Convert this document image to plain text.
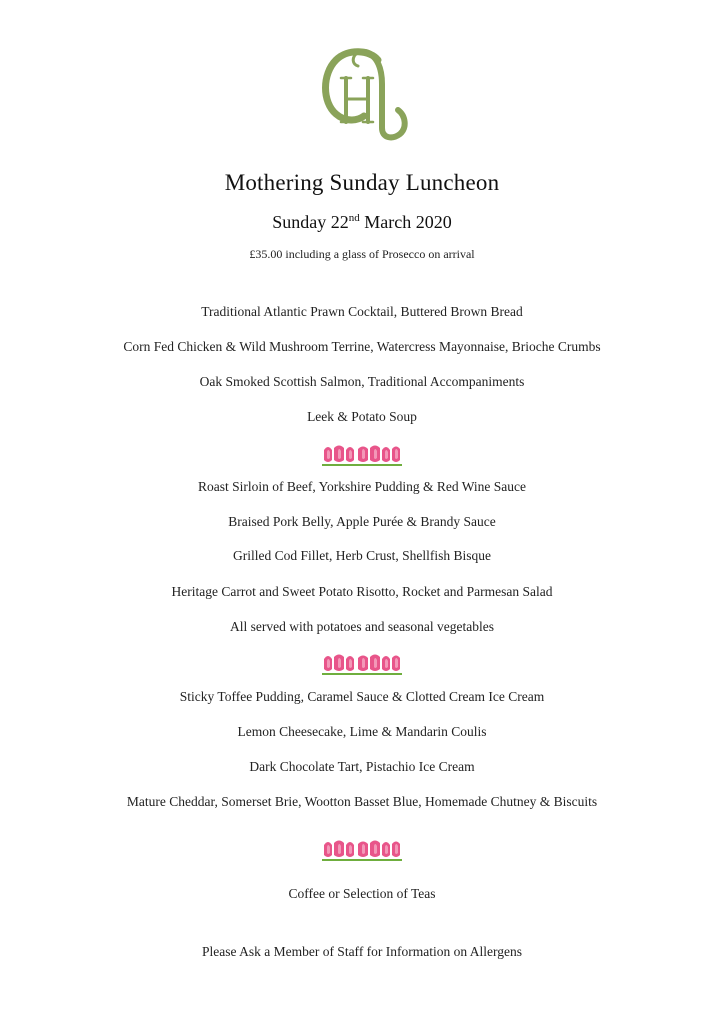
Mothering Sunday Luncheon
Sunday 22nd March 2020
£35.00 including a glass of Prosecco on arrival
Traditional Atlantic Prawn Cocktail, Buttered Brown Bread
Corn Fed Chicken & Wild Mushroom Terrine, Watercress Mayonnaise, Brioche Crumbs
Oak Smoked Scottish Salmon, Traditional Accompaniments
Leek & Potato Soup
Roast Sirloin of Beef, Yorkshire Pudding & Red Wine Sauce
Braised Pork Belly, Apple Purée & Brandy Sauce
Grilled Cod Fillet, Herb Crust, Shellfish Bisque
Heritage Carrot and Sweet Potato Risotto, Rocket and Parmesan Salad
All served with potatoes and seasonal vegetables
Sticky Toffee Pudding, Caramel Sauce & Clotted Cream Ice Cream
Lemon Cheesecake, Lime & Mandarin Coulis
Dark Chocolate Tart, Pistachio Ice Cream
Mature Cheddar, Somerset Brie, Wootton Basset Blue, Homemade Chutney & Biscuits
Coffee or Selection of Teas
Please Ask a Member of Staff for Information on Allergens
